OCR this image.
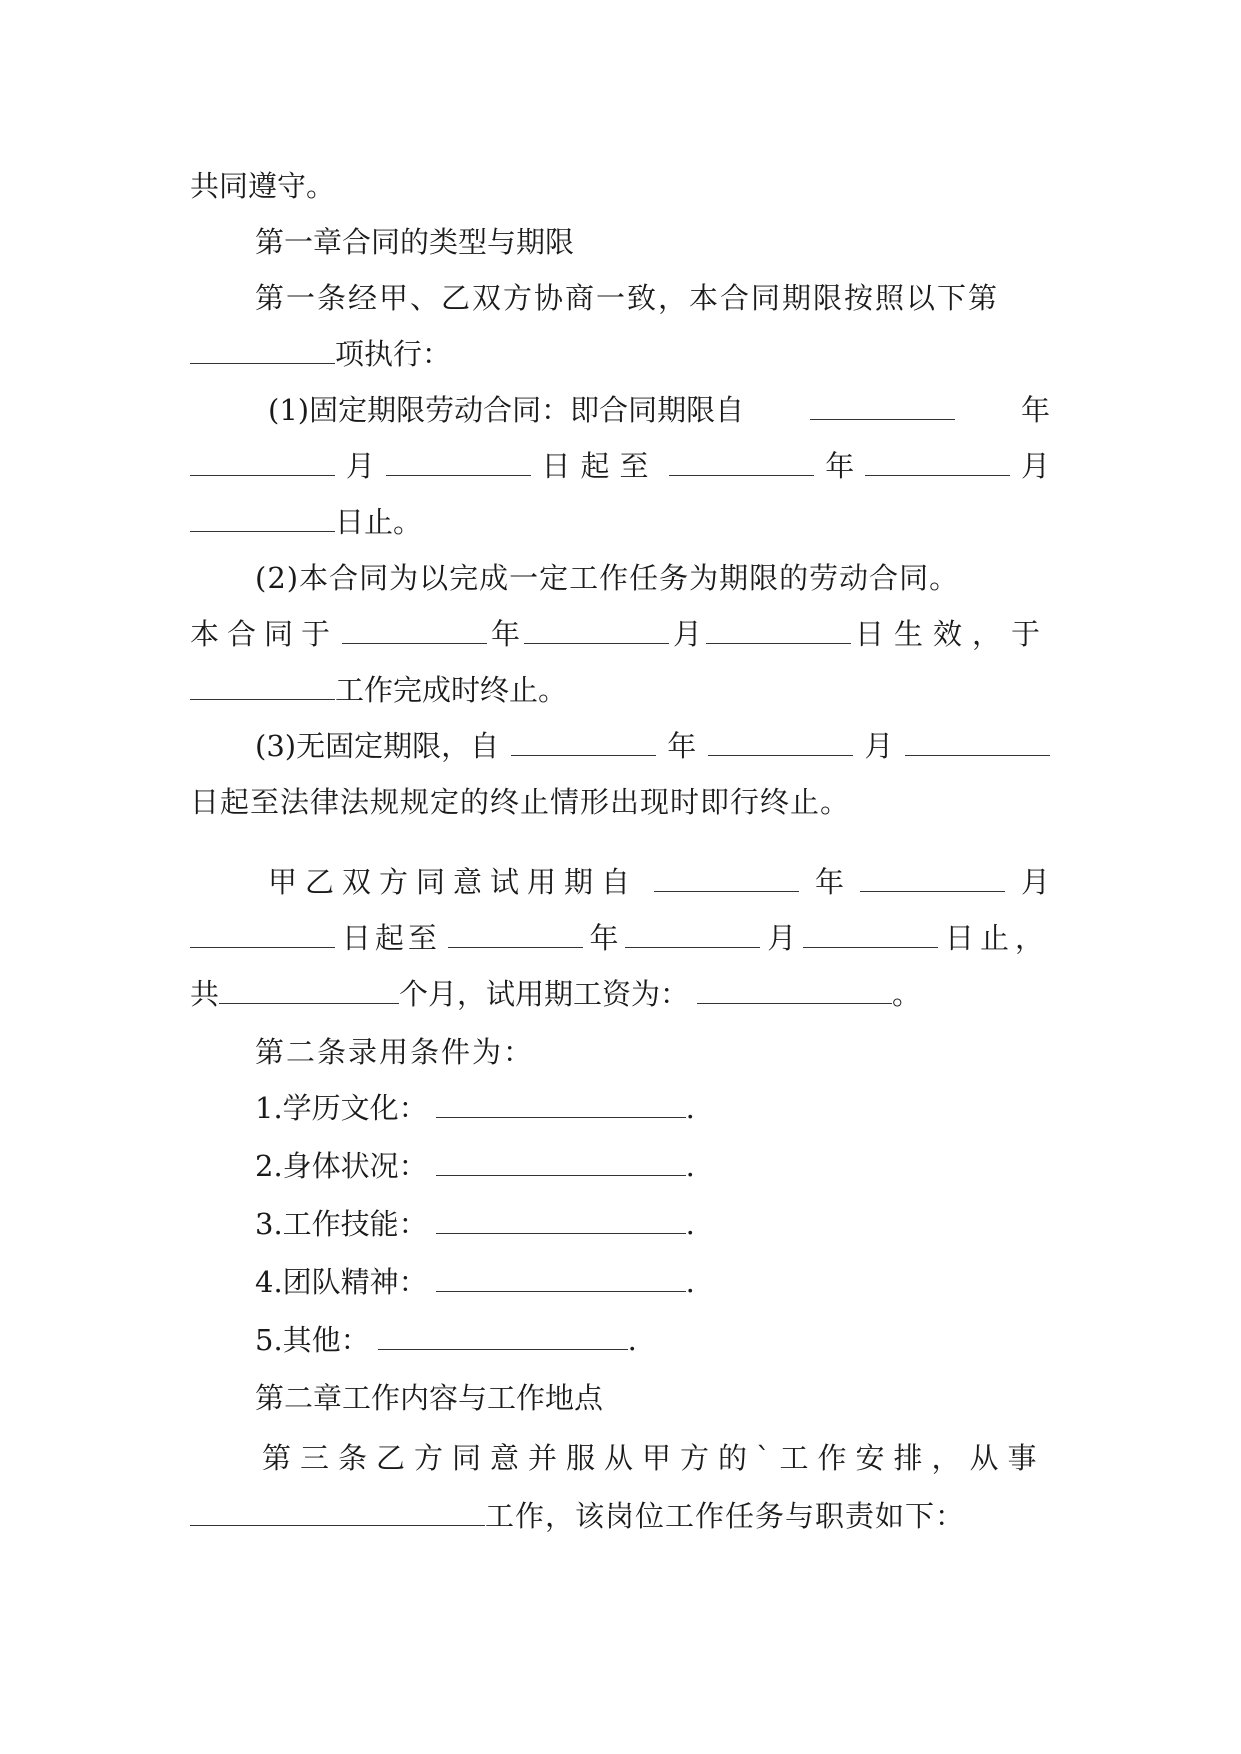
共同遵守。
第一章合同的类型与期限
第一条经甲、乙双方协商一致，本合同期限按照以下第
项执行：
(1)固定期限劳动合同：即合同期限自	年
月	日起至	年	月
日止。
(2)本合同为以完成一定工作任务为期限的劳动合同。
本合同于	年	月	日生效，于
工作完成时终止。
(3)无固定期限，自	年	月
日起至法律法规规定的终止情形出现时即行终止。
甲乙双方同意试用期自	年	月
日起至	年	月	日止，
共	个月，试用期工资为：	。
第二条录用条件为：
1.学历文化：	.
2.身体状况：	.
3.工作技能：	.
4.团队精神：	.
5.其他：	.
第二章工作内容与工作地点
第三条乙方同意并服从甲方的`工作安排，从事
工作，该岗位工作任务与职责如下：
